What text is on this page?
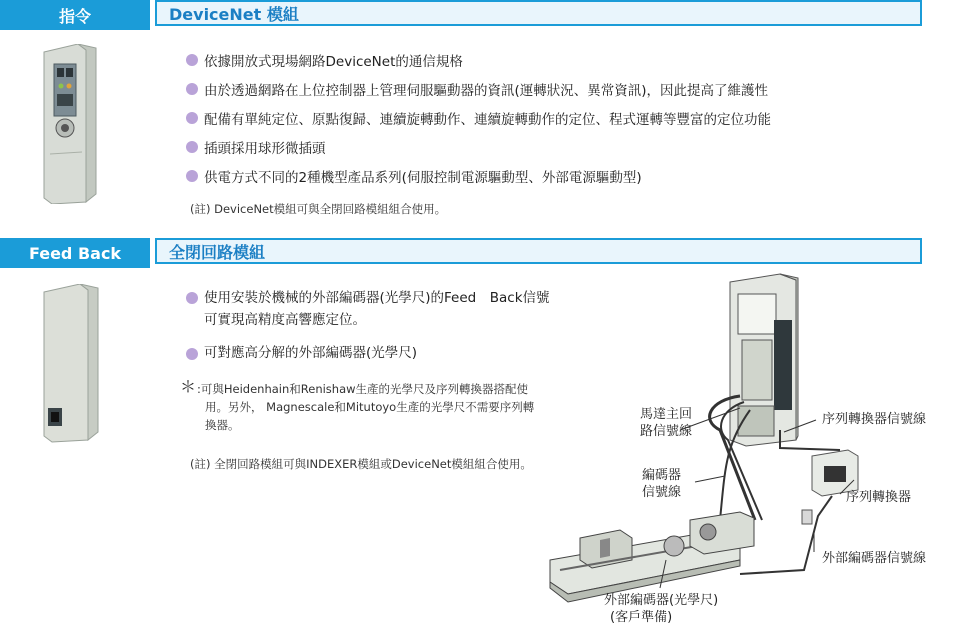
指令	DeviceNet 模組
依據開放式現場網路DeviceNet的通信規格
由於透過網路在上位控制器上管理伺服驅動器的資訊(運轉狀況、異常資訊)，因此提高了維護性
配備有單純定位、原點復歸、連續旋轉動作、連續旋轉動作的定位、程式運轉等豐富的定位功能
插頭採用球形微插頭
供電方式不同的2種機型產品系列(伺服控制電源驅動型、外部電源驅動型)
(註) DeviceNet模組可與全閉回路模組組合使用。
Feed Back	全閉回路模組
使用安裝於機械的外部編碼器(光學尺)的Feed　Back信號
可實現高精度高響應定位。
可對應高分解的外部編碼器(光學尺)
＊ :可與Heidenhain和Renishaw生產的光學尺及序列轉換器搭配使
用。另外， Magnescale和Mitutoyo生產的光學尺不需要序列轉
換器。
(註) 全閉回路模組可與INDEXER模組或DeviceNet模組組合使用。
馬達主回
路信號線
編碼器
信號線
序列轉換器信號線
序列轉換器
外部編碼器信號線
外部編碼器(光學尺)
(客戶準備)
